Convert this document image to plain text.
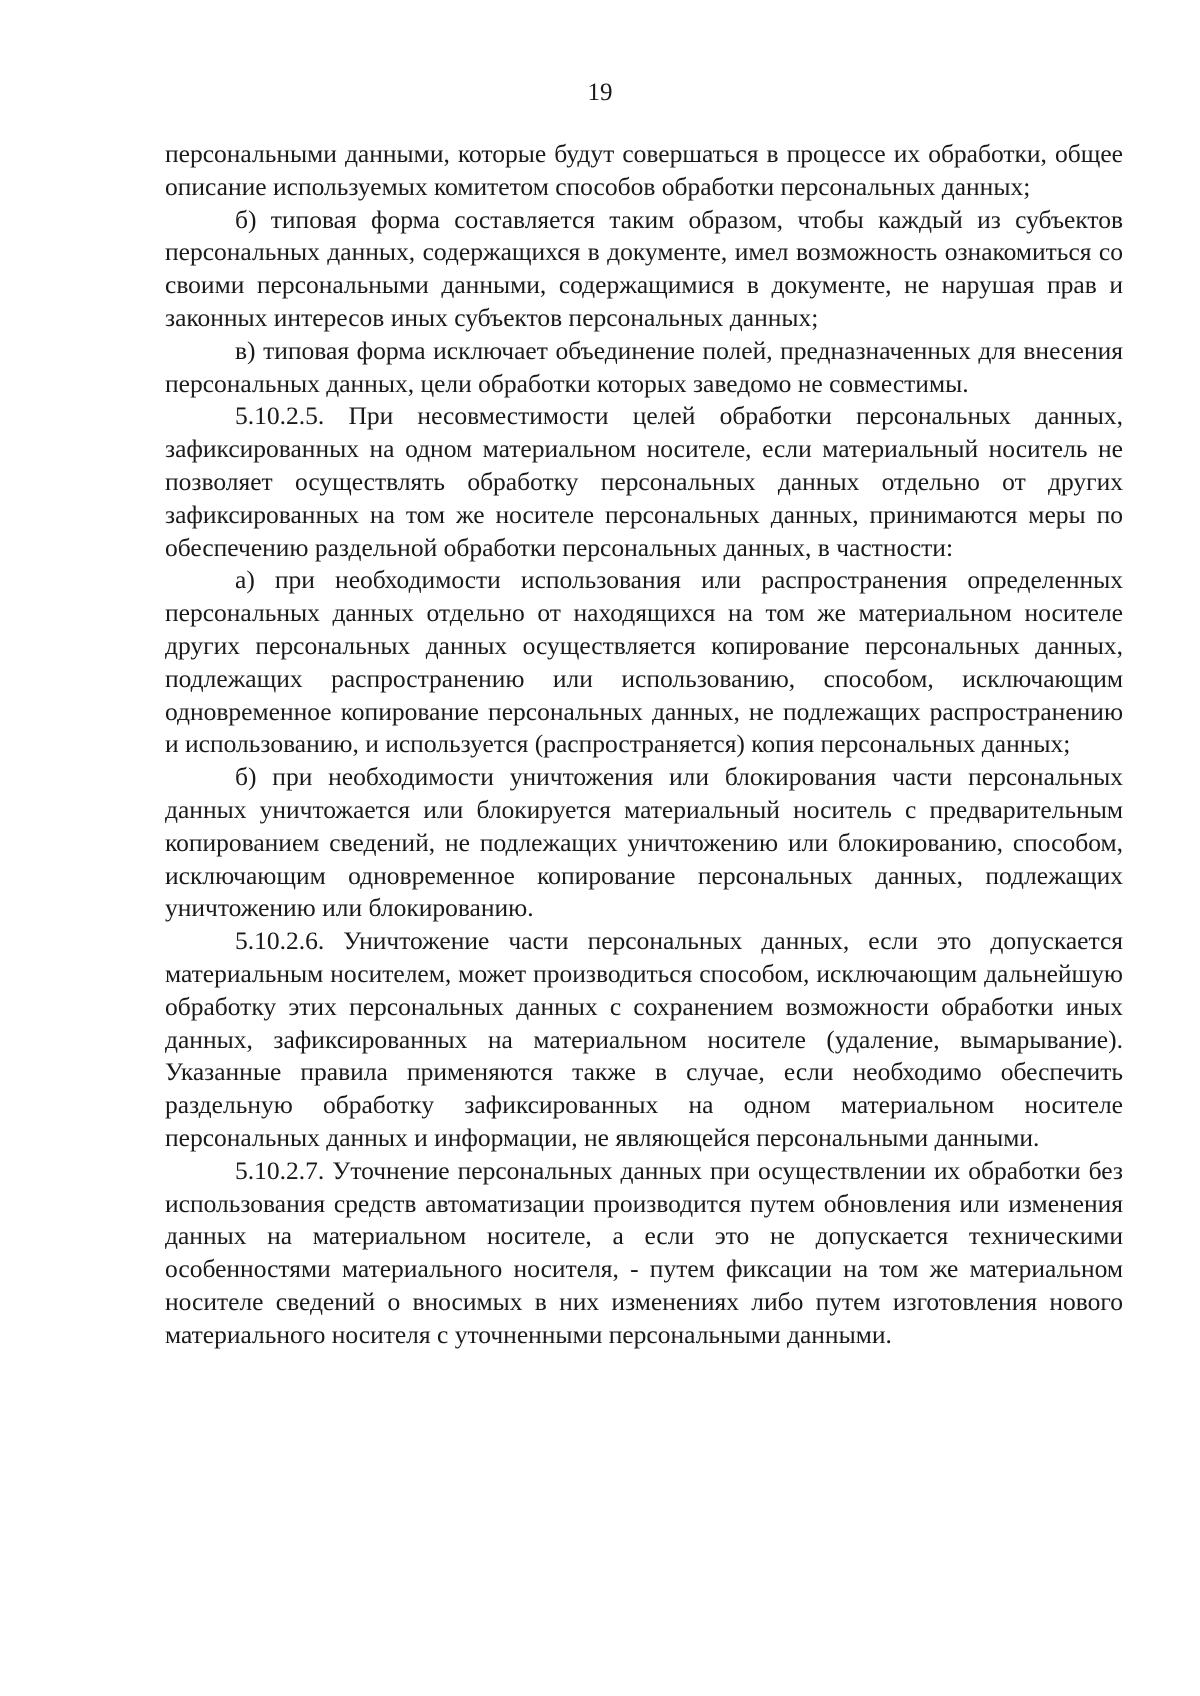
19

персональными данными, которые будут совершаться в процессе их обработки, общее описание используемых комитетом способов обработки персональных данных;

б) типовая форма составляется таким образом, чтобы каждый из субъектов персональных данных, содержащихся в документе, имел возможность ознакомиться со своими персональными данными, содержащимися в документе, не нарушая прав и законных интересов иных субъектов персональных данных;

в) типовая форма исключает объединение полей, предназначенных для внесения персональных данных, цели обработки которых заведомо не совместимы.

5.10.2.5. При несовместимости целей обработки персональных данных, зафиксированных на одном материальном носителе, если материальный носитель не позволяет осуществлять обработку персональных данных отдельно от других зафиксированных на том же носителе персональных данных, принимаются меры по обеспечению раздельной обработки персональных данных, в частности:

а) при необходимости использования или распространения определенных персональных данных отдельно от находящихся на том же материальном носителе других персональных данных осуществляется копирование персональных данных, подлежащих распространению или использованию, способом, исключающим одновременное копирование персональных данных, не подлежащих распространению и использованию, и используется (распространяется) копия персональных данных;

б) при необходимости уничтожения или блокирования части персональных данных уничтожается или блокируется материальный носитель с предварительным копированием сведений, не подлежащих уничтожению или блокированию, способом, исключающим одновременное копирование персональных данных, подлежащих уничтожению или блокированию.

5.10.2.6. Уничтожение части персональных данных, если это допускается материальным носителем, может производиться способом, исключающим дальнейшую обработку этих персональных данных с сохранением возможности обработки иных данных, зафиксированных на материальном носителе (удаление, вымарывание). Указанные правила применяются также в случае, если необходимо обеспечить раздельную обработку зафиксированных на одном материальном носителе персональных данных и информации, не являющейся персональными данными.

5.10.2.7. Уточнение персональных данных при осуществлении их обработки без использования средств автоматизации производится путем обновления или изменения данных на материальном носителе, а если это не допускается техническими особенностями материального носителя, - путем фиксации на том же материальном носителе сведений о вносимых в них изменениях либо путем изготовления нового материального носителя с уточненными персональными данными.
